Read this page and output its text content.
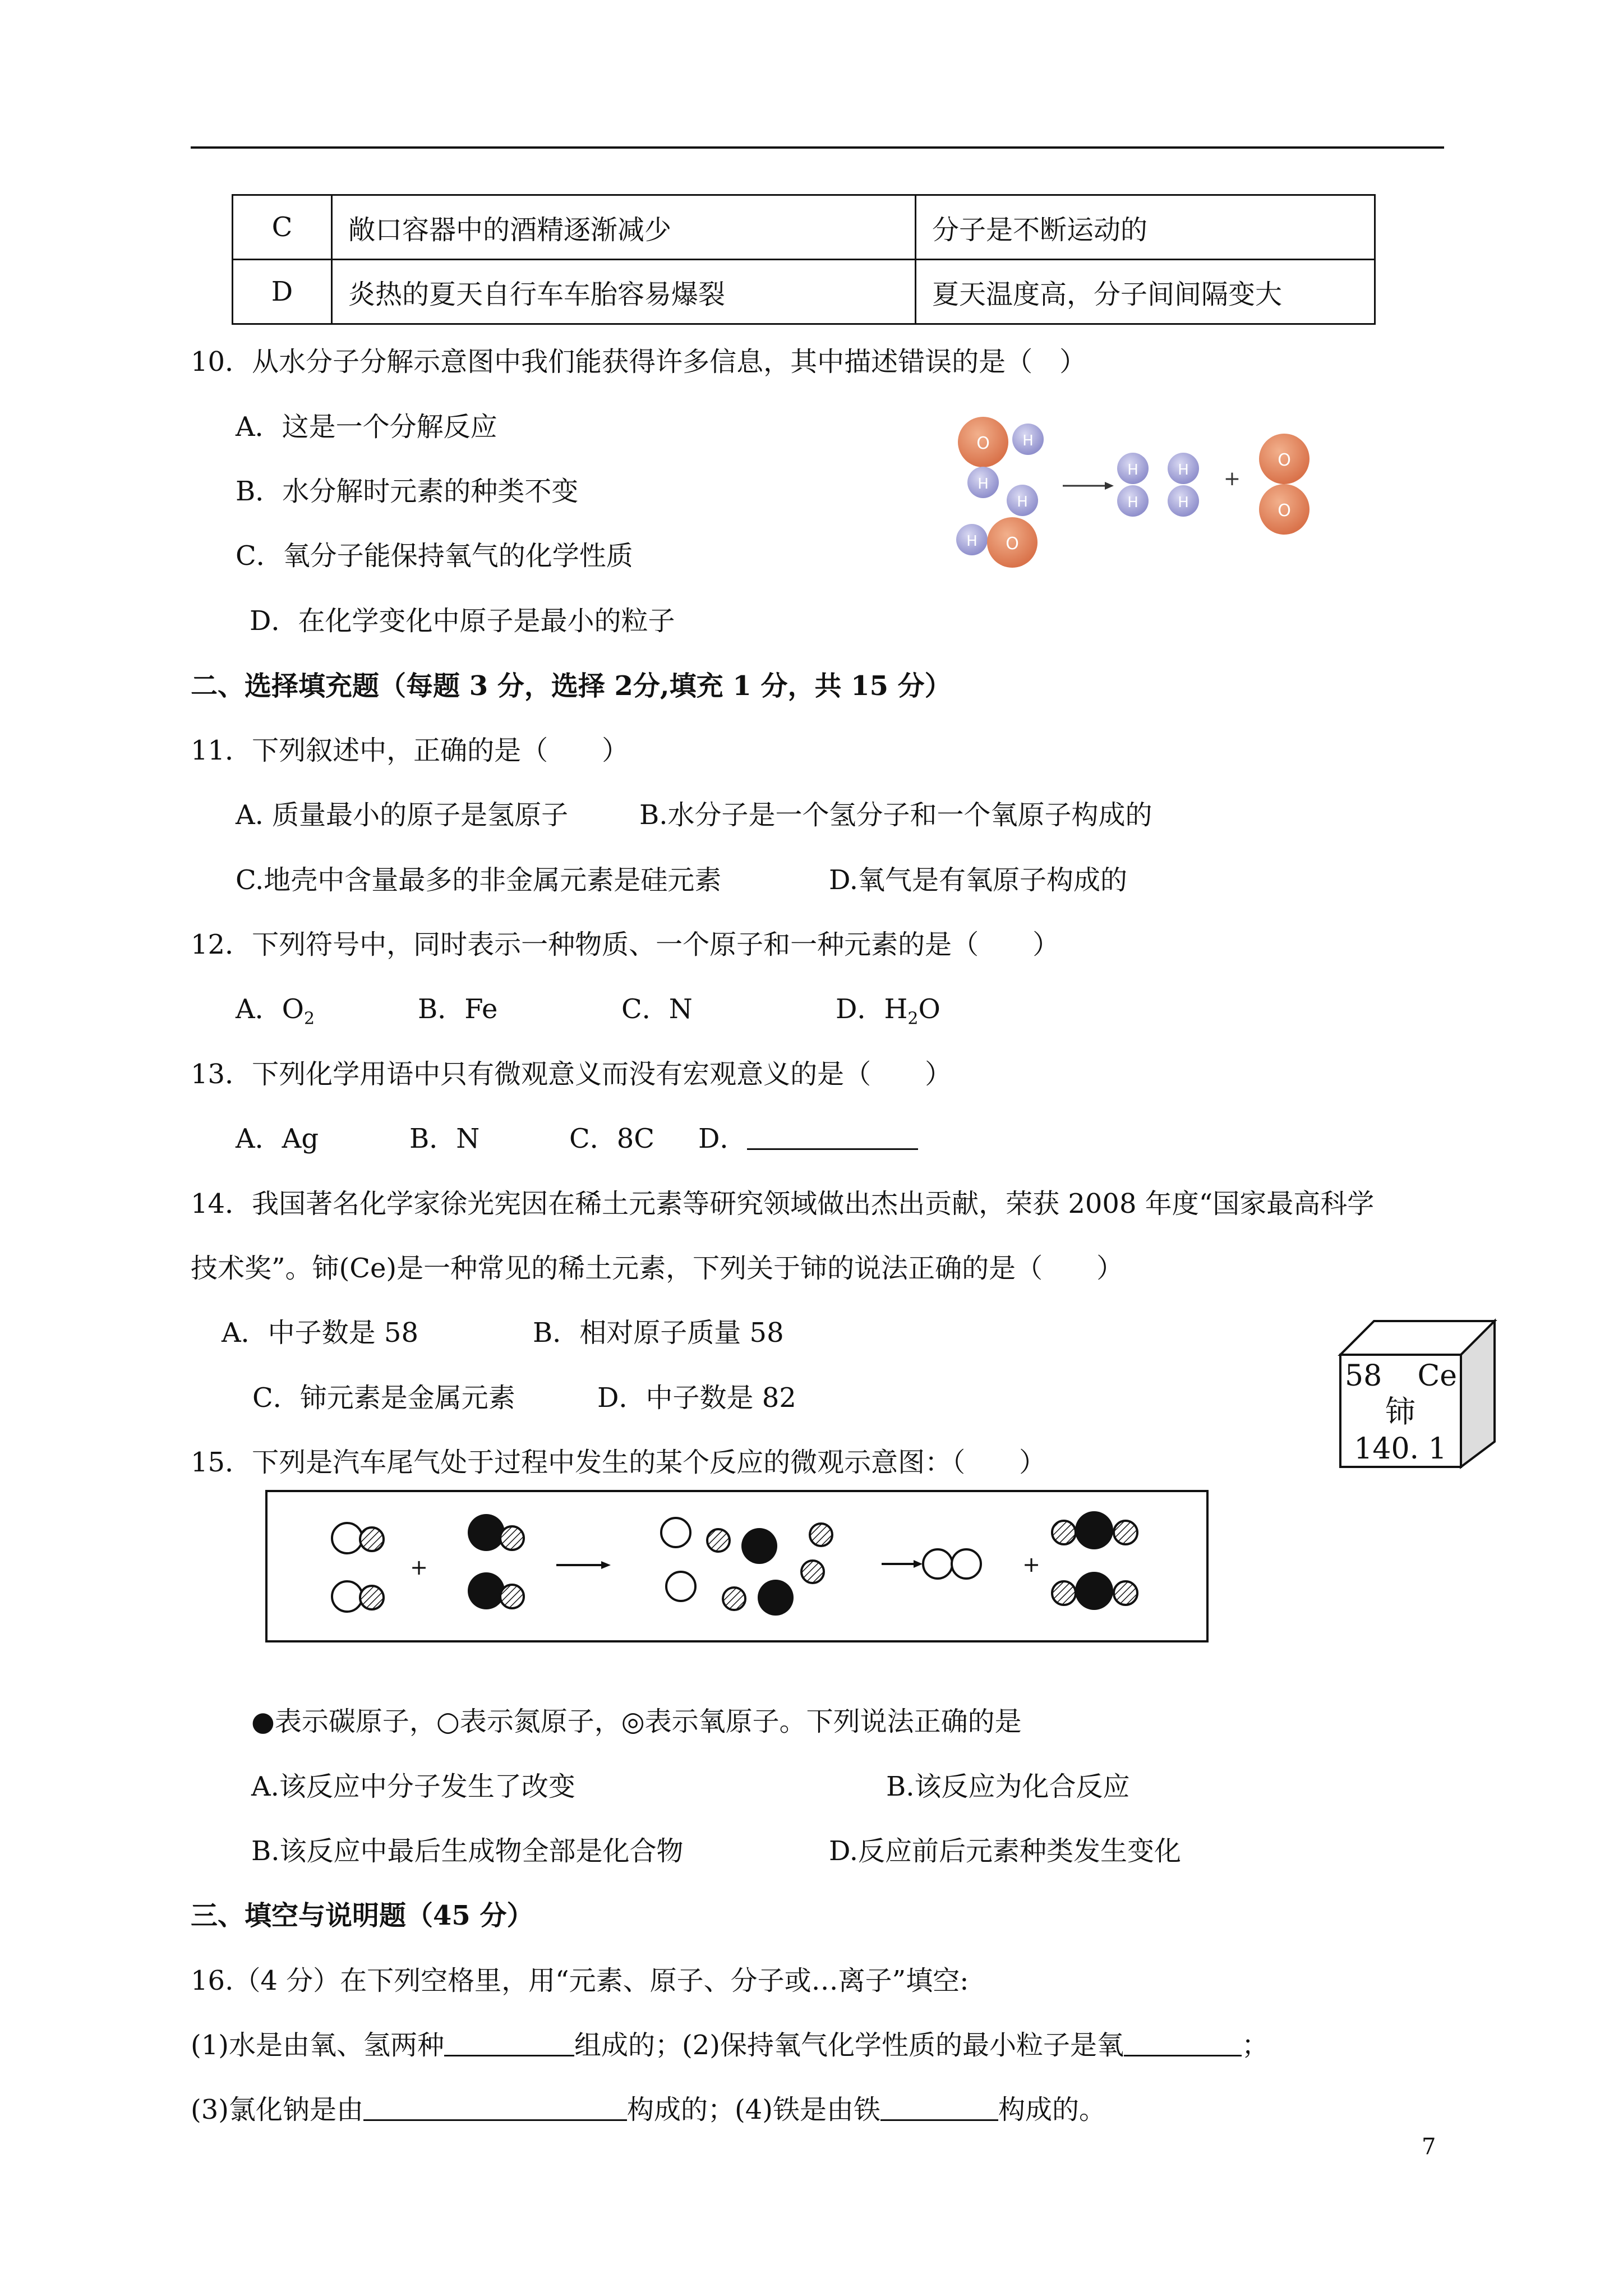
C	敞口容器中的酒精逐渐减少	分子是不断运动的
D	炎热的夏天自行车车胎容易爆裂	夏天温度高，分子间间隔变大
10．从水分子分解示意图中我们能获得许多信息，其中描述错误的是（　）
A．这是一个分解反应
B．水分解时元素的种类不变
C．氧分子能保持氧气的化学性质
D．在化学变化中原子是最小的粒子
O H
H
H
H O
H
H
H
H
+
O
O
二、选择填充题（每题 3 分，选择 2分,填充 1 分，共 15 分）
11．下列叙述中，正确的是（　　）
A. 质量最小的原子是氢原子	B.水分子是一个氢分子和一个氧原子构成的
C.地壳中含量最多的非金属元素是硅元素	D.氧气是有氧原子构成的
12．下列符号中，同时表示一种物质、一个原子和一种元素的是（　　）
A．$O_2$	B．Fe	C．N	D．$H_2O$
13．下列化学用语中只有微观意义而没有宏观意义的是（　　）
A．Ag	B．N	C．8C D．
14．我国著名化学家徐光宪因在稀土元素等研究领域做出杰出贡献，荣获 2008 年度“国家最高科学
技术奖”。铈(Ce)是一种常见的稀土元素，下列关于铈的说法正确的是（　　）
A．中子数是 58	B．相对原子质量 58
C．铈元素是金属元素	D．中子数是 82
58 Ce
铈
140. 1
15．下列是汽车尾气处于过程中发生的某个反应的微观示意图：（　　）
+	+
●表示碳原子，○表示氮原子，◎表示氧原子。下列说法正确的是
A.该反应中分子发生了改变	B.该反应为化合反应
B.该反应中最后生成物全部是化合物	D.反应前后元素种类发生变化
三、填空与说明题（45 分）
16.（4 分）在下列空格里，用“元素、原子、分子或…离子”填空:
(1)水是由氧、氢两种	组成的；(2)保持氧气化学性质的最小粒子是氧	；
(3)氯化钠是由	构成的；(4)铁是由铁	构成的。
7
